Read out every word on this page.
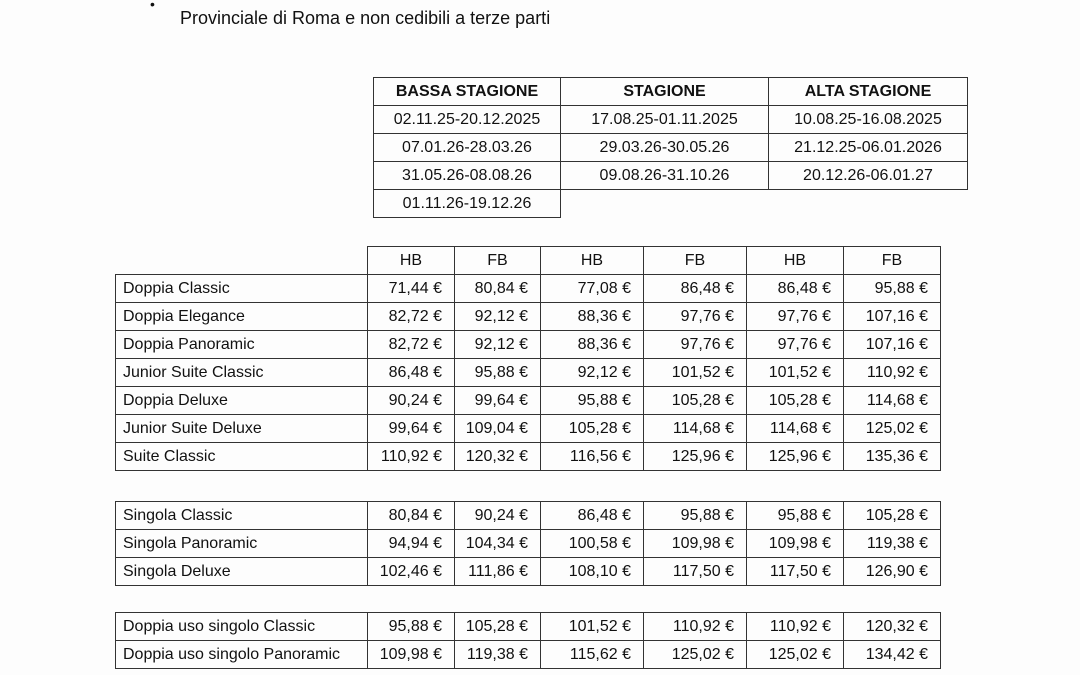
•
Provinciale di Roma e non cedibili a terze parti
BASSA STAGIONE	STAGIONE	ALTA STAGIONE
02.11.25-20.12.2025	17.08.25-01.11.2025	10.08.25-16.08.2025
07.01.26-28.03.26	29.03.26-30.05.26	21.12.25-06.01.2026
31.05.26-08.08.26	09.08.26-31.10.26	20.12.26-06.01.27
01.11.26-19.12.26		
	HB	FB	HB	FB	HB	FB
Doppia Classic	71,44 €	80,84 €	77,08 €	86,48 €	86,48 €	95,88 €
Doppia Elegance	82,72 €	92,12 €	88,36 €	97,76 €	97,76 €	107,16 €
Doppia Panoramic	82,72 €	92,12 €	88,36 €	97,76 €	97,76 €	107,16 €
Junior Suite Classic	86,48 €	95,88 €	92,12 €	101,52 €	101,52 €	110,92 €
Doppia Deluxe	90,24 €	99,64 €	95,88 €	105,28 €	105,28 €	114,68 €
Junior Suite Deluxe	99,64 €	109,04 €	105,28 €	114,68 €	114,68 €	125,02 €
Suite Classic	110,92 €	120,32 €	116,56 €	125,96 €	125,96 €	135,36 €
Singola Classic	80,84 €	90,24 €	86,48 €	95,88 €	95,88 €	105,28 €
Singola Panoramic	94,94 €	104,34 €	100,58 €	109,98 €	109,98 €	119,38 €
Singola Deluxe	102,46 €	111,86 €	108,10 €	117,50 €	117,50 €	126,90 €
Doppia uso singolo Classic	95,88 €	105,28 €	101,52 €	110,92 €	110,92 €	120,32 €
Doppia uso singolo Panoramic	109,98 €	119,38 €	115,62 €	125,02 €	125,02 €	134,42 €
